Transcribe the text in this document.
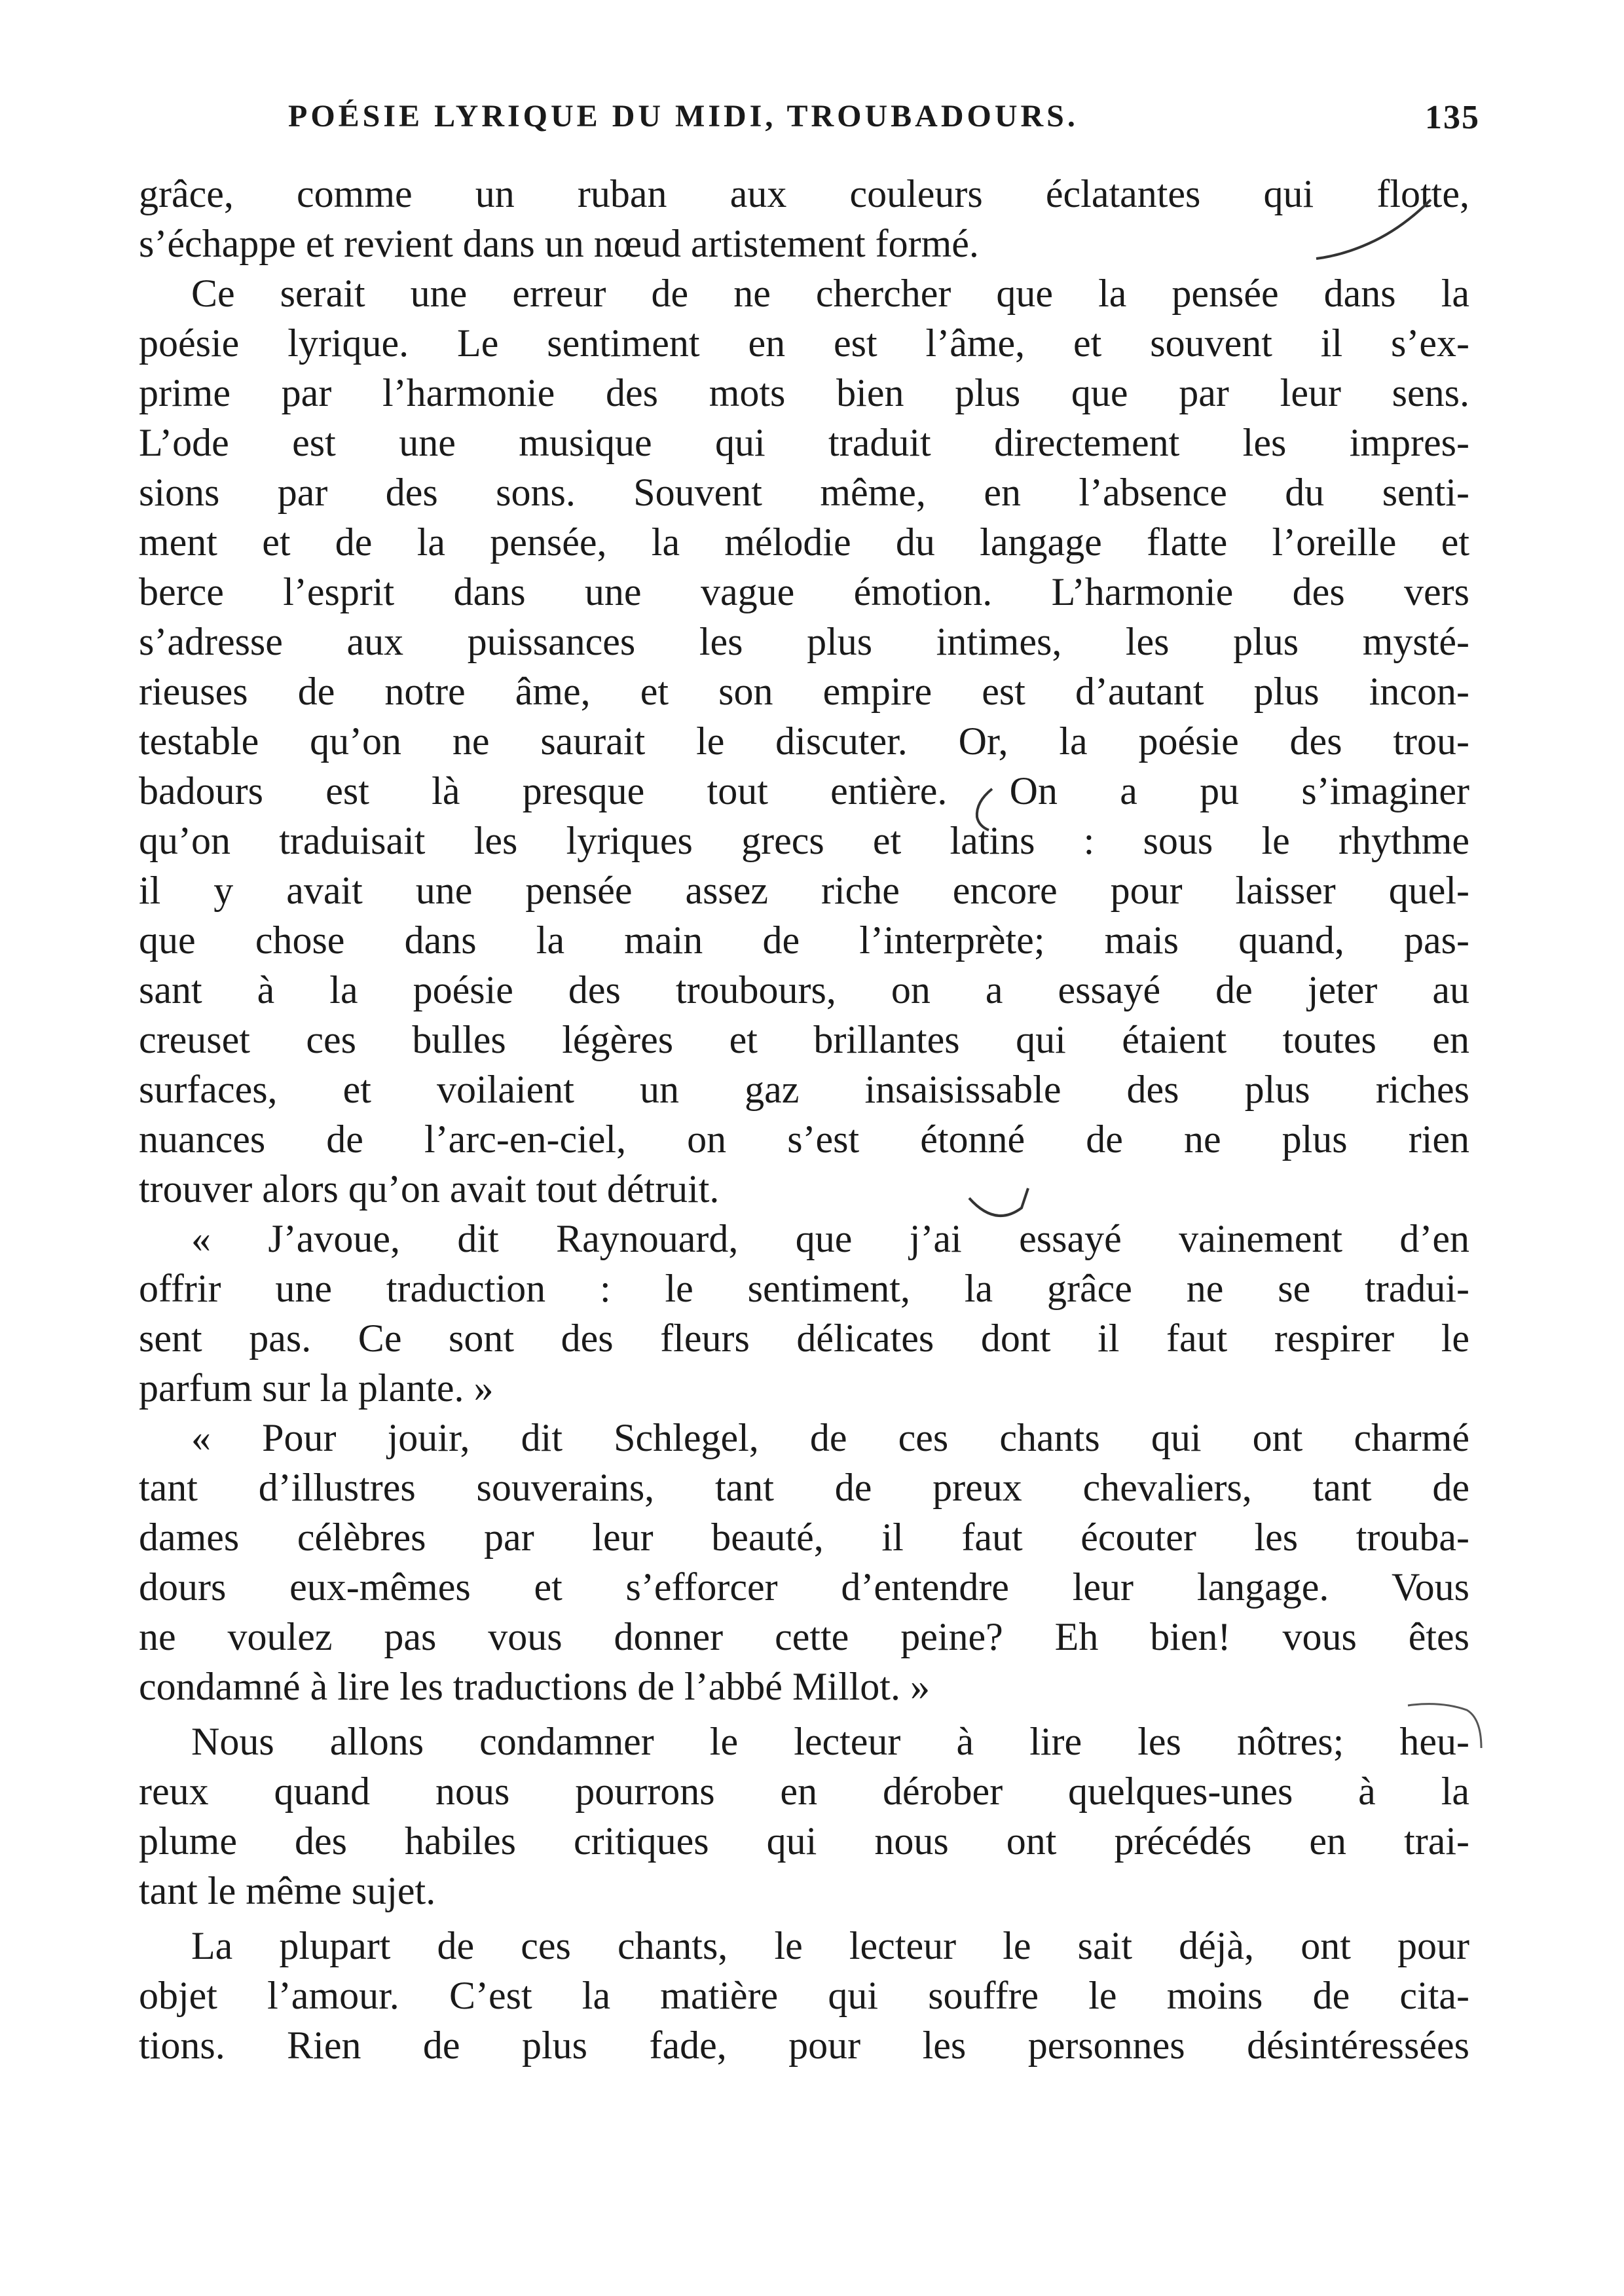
POÉSIE LYRIQUE DU MIDI, TROUBADOURS.	135
grâce, comme un ruban aux couleurs éclatantes qui flotte,
s’échappe et revient dans un nœud artistement formé.
Ce serait une erreur de ne chercher que la pensée dans la
poésie lyrique. Le sentiment en est l’âme, et souvent il s’ex-
prime par l’harmonie des mots bien plus que par leur sens.
L’ode est une musique qui traduit directement les impres-
sions par des sons. Souvent même, en l’absence du senti-
ment et de la pensée, la mélodie du langage flatte l’oreille et
berce l’esprit dans une vague émotion. L’harmonie des vers
s’adresse aux puissances les plus intimes, les plus mysté-
rieuses de notre âme, et son empire est d’autant plus incon-
testable qu’on ne saurait le discuter. Or, la poésie des trou-
badours est là presque tout entière. On a pu s’imaginer
qu’on traduisait les lyriques grecs et latins : sous le rhythme
il y avait une pensée assez riche encore pour laisser quel-
que chose dans la main de l’interprète; mais quand, pas-
sant à la poésie des troubours, on a essayé de jeter au
creuset ces bulles légères et brillantes qui étaient toutes en
surfaces, et voilaient un gaz insaisissable des plus riches
nuances de l’arc-en-ciel, on s’est étonné de ne plus rien
trouver alors qu’on avait tout détruit.
« J’avoue, dit Raynouard, que j’ai essayé vainement d’en
offrir une traduction : le sentiment, la grâce ne se tradui-
sent pas. Ce sont des fleurs délicates dont il faut respirer le
parfum sur la plante. »
« Pour jouir, dit Schlegel, de ces chants qui ont charmé
tant d’illustres souverains, tant de preux chevaliers, tant de
dames célèbres par leur beauté, il faut écouter les trouba-
dours eux-mêmes et s’efforcer d’entendre leur langage. Vous
ne voulez pas vous donner cette peine? Eh bien! vous êtes
condamné à lire les traductions de l’abbé Millot. »
Nous allons condamner le lecteur à lire les nôtres; heu-
reux quand nous pourrons en dérober quelques-unes à la
plume des habiles critiques qui nous ont précédés en trai-
tant le même sujet.
La plupart de ces chants, le lecteur le sait déjà, ont pour
objet l’amour. C’est la matière qui souffre le moins de cita-
tions. Rien de plus fade, pour les personnes désintéressées
